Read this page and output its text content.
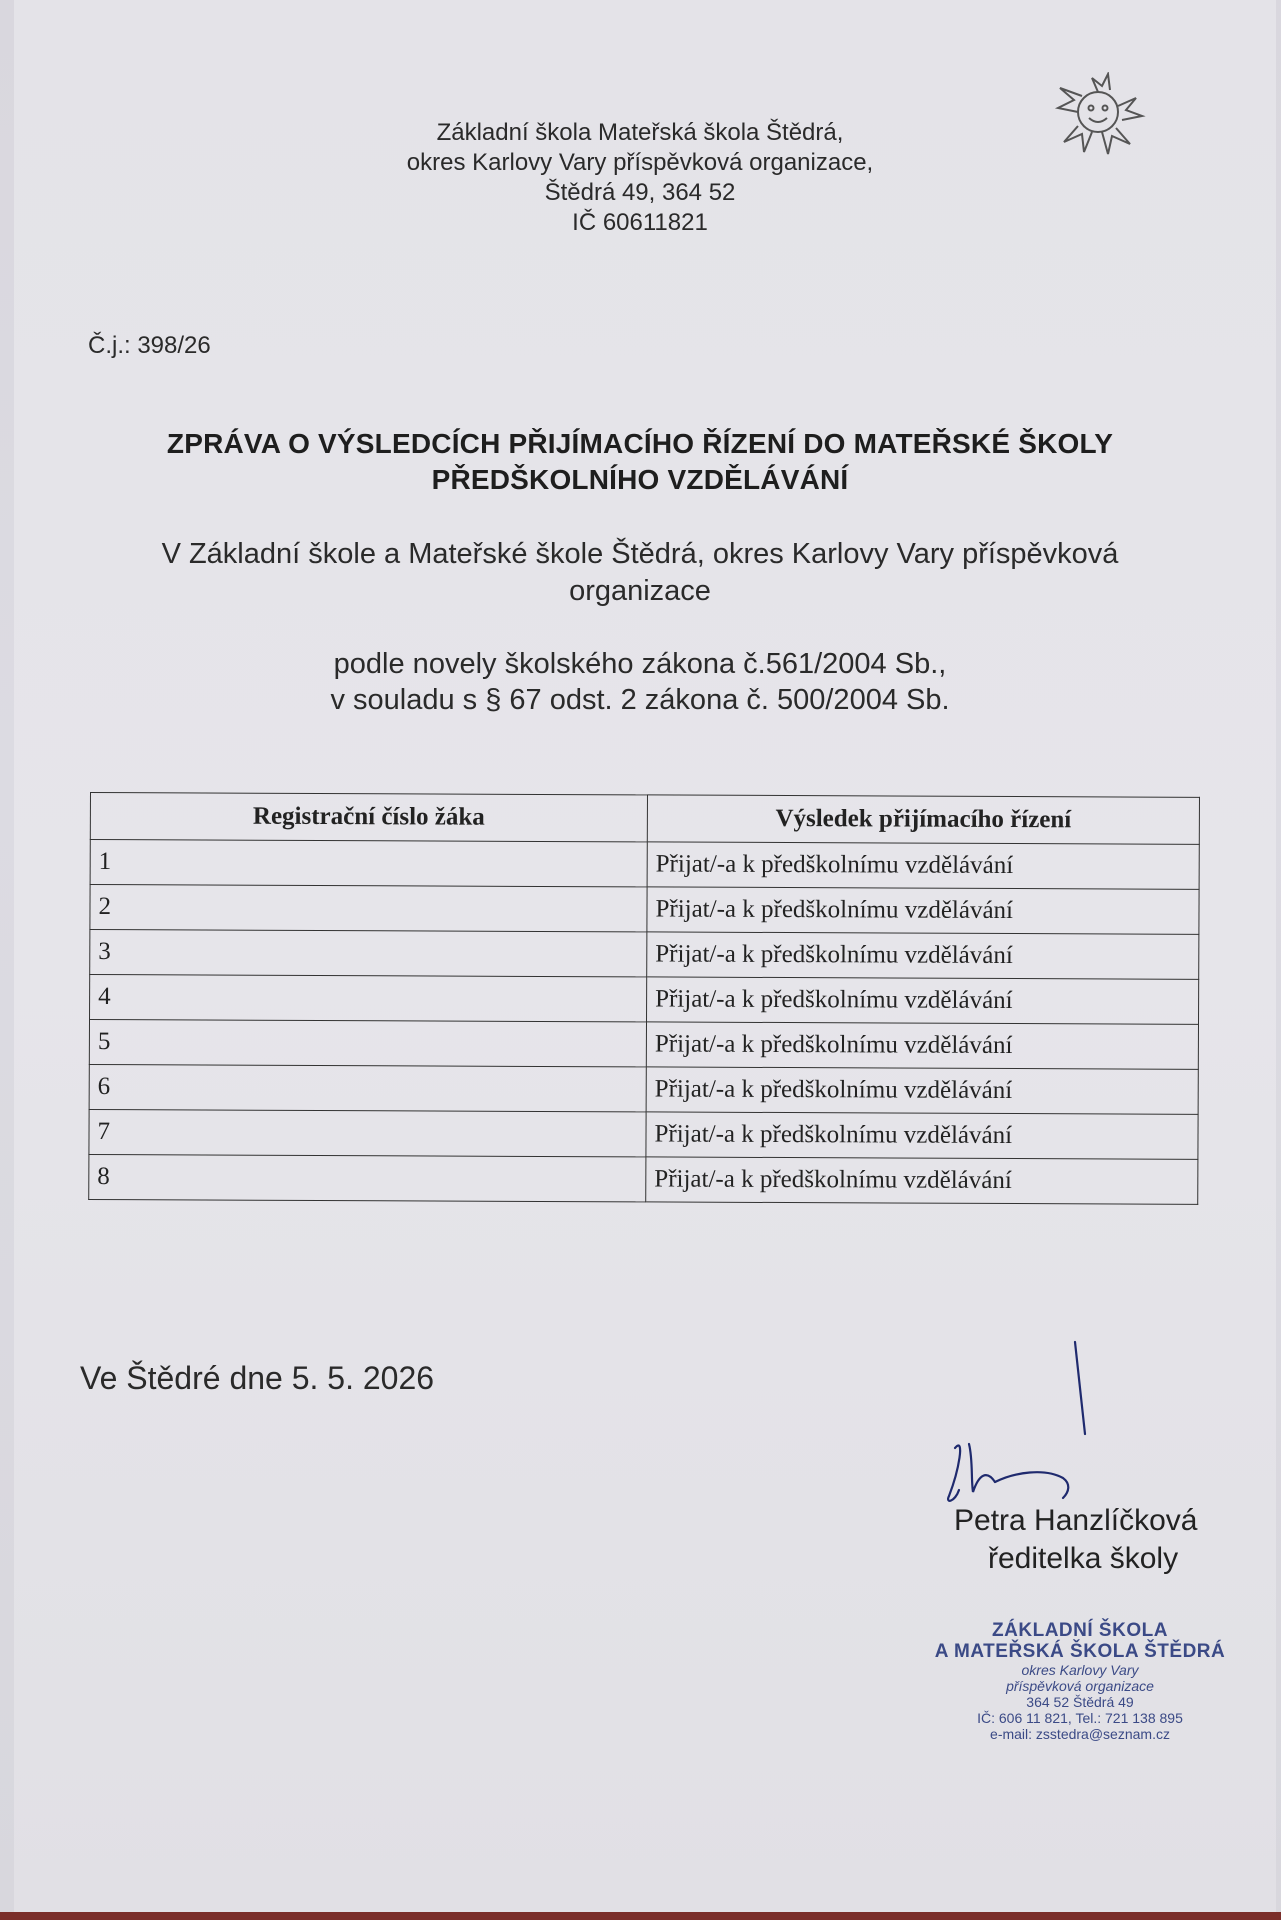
Základní škola Mateřská škola Štědrá,
okres Karlovy Vary příspěvková organizace,
Štědrá 49, 364 52
IČ 60611821
Č.j.: 398/26
ZPRÁVA O VÝSLEDCÍCH PŘIJÍMACÍHO ŘÍZENÍ DO MATEŘSKÉ ŠKOLY
PŘEDŠKOLNÍHO VZDĚLÁVÁNÍ
V Základní škole a Mateřské škole Štědrá, okres Karlovy Vary příspěvková
organizace
podle novely školského zákona č.561/2004 Sb.,
v souladu s § 67 odst. 2 zákona č. 500/2004 Sb.
Registrační číslo žáka	Výsledek přijímacího řízení
1	Přijat/-a k předškolnímu vzdělávání
2	Přijat/-a k předškolnímu vzdělávání
3	Přijat/-a k předškolnímu vzdělávání
4	Přijat/-a k předškolnímu vzdělávání
5	Přijat/-a k předškolnímu vzdělávání
6	Přijat/-a k předškolnímu vzdělávání
7	Přijat/-a k předškolnímu vzdělávání
8	Přijat/-a k předškolnímu vzdělávání
Ve Štědré dne 5. 5. 2026
Petra Hanzlíčková
ředitelka školy
ZÁKLADNÍ ŠKOLA
A MATEŘSKÁ ŠKOLA ŠTĚDRÁ
okres Karlovy Vary
příspěvková organizace
364 52 Štědrá 49
IČ: 606 11 821, Tel.: 721 138 895
e-mail: zsstedra@seznam.cz
